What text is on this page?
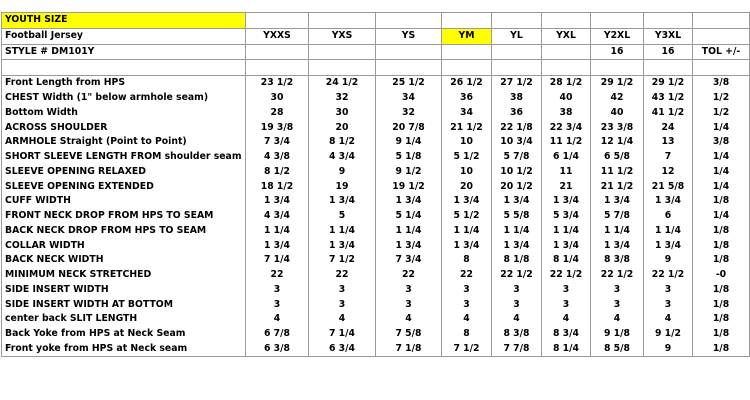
YOUTH SIZE									
Football Jersey	YXXS	YXS	YS	YM	YL	YXL	Y2XL	Y3XL	
STYLE # DM101Y							16	16	TOL +/-

Front Length from HPS	23 1/2	24 1/2	25 1/2	26 1/2	27 1/2	28 1/2	29 1/2	29 1/2	3/8
CHEST Width (1" below armhole seam)	30	32	34	36	38	40	42	43 1/2	1/2
Bottom Width	28	30	32	34	36	38	40	41 1/2	1/2
ACROSS SHOULDER	19 3/8	20	20 7/8	21 1/2	22 1/8	22 3/4	23 3/8	24	1/4
ARMHOLE Straight (Point to Point)	7 3/4	8 1/2	9 1/4	10	10 3/4	11 1/2	12 1/4	13	3/8
SHORT SLEEVE LENGTH FROM shoulder seam	4 3/8	4 3/4	5 1/8	5 1/2	5 7/8	6 1/4	6 5/8	7	1/4
SLEEVE OPENING RELAXED	8 1/2	9	9 1/2	10	10 1/2	11	11 1/2	12	1/4
SLEEVE OPENING EXTENDED	18 1/2	19	19 1/2	20	20 1/2	21	21 1/2	21 5/8	1/4
CUFF WIDTH	1 3/4	1 3/4	1 3/4	1 3/4	1 3/4	1 3/4	1 3/4	1 3/4	1/8
FRONT NECK DROP FROM HPS TO SEAM	4 3/4	5	5 1/4	5 1/2	5 5/8	5 3/4	5 7/8	6	1/4
BACK NECK DROP FROM HPS TO SEAM	1 1/4	1 1/4	1 1/4	1 1/4	1 1/4	1 1/4	1 1/4	1 1/4	1/8
COLLAR WIDTH	1 3/4	1 3/4	1 3/4	1 3/4	1 3/4	1 3/4	1 3/4	1 3/4	1/8
BACK NECK WIDTH	7 1/4	7 1/2	7 3/4	8	8 1/8	8 1/4	8 3/8	9	1/8
MINIMUM NECK STRETCHED	22	22	22	22	22 1/2	22 1/2	22 1/2	22 1/2	-0
SIDE INSERT WIDTH	3	3	3	3	3	3	3	3	1/8
SIDE INSERT WIDTH AT BOTTOM	3	3	3	3	3	3	3	3	1/8
center back SLIT LENGTH	4	4	4	4	4	4	4	4	1/8
Back Yoke from HPS at Neck Seam	6 7/8	7 1/4	7 5/8	8	8 3/8	8 3/4	9 1/8	9 1/2	1/8
Front yoke from HPS at Neck seam	6 3/8	6 3/4	7 1/8	7 1/2	7 7/8	8 1/4	8 5/8	9	1/8
